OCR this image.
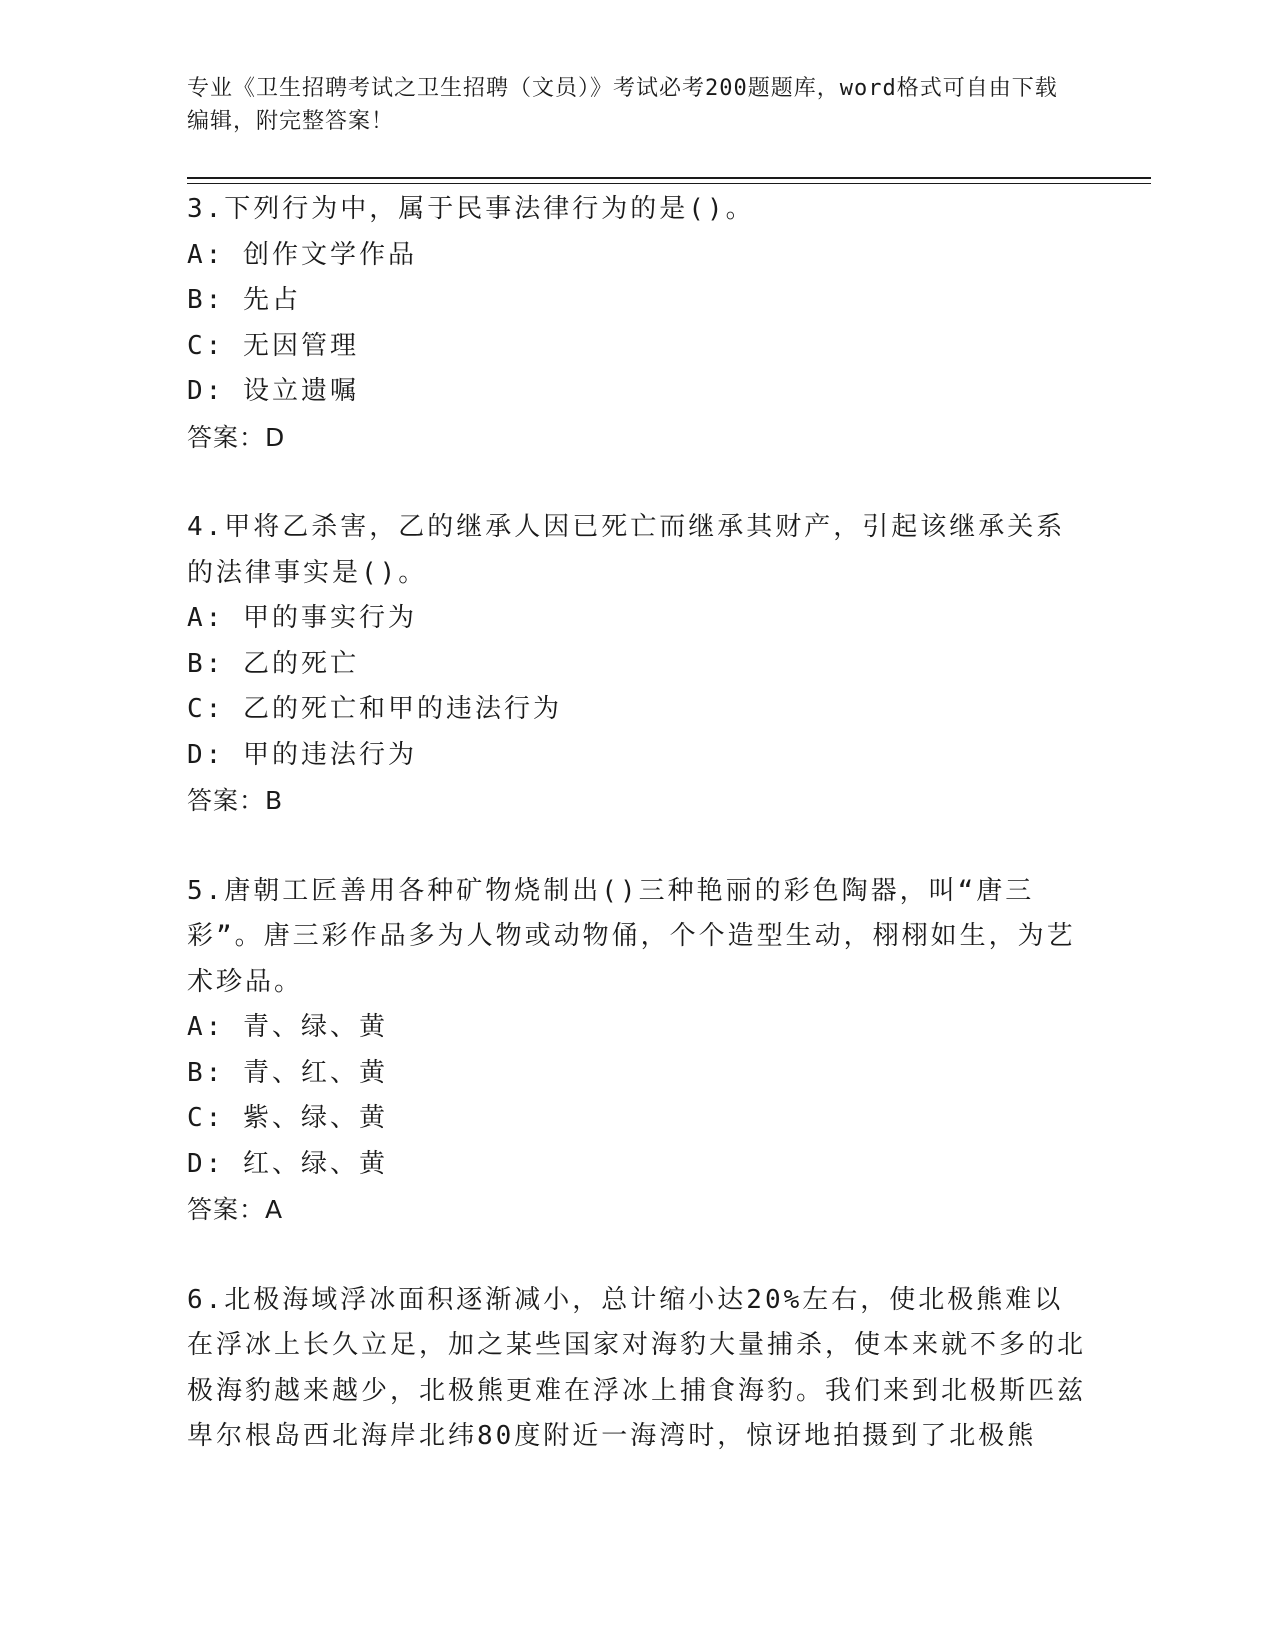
专业《卫生招聘考试之卫生招聘（文员）》考试必考200题题库，word格式可自由下载编辑，附完整答案！

3.下列行为中，属于民事法律行为的是()。

A: 创作文学作品

B: 先占

C: 无因管理

D: 设立遗嘱

答案：D

4.甲将乙杀害，乙的继承人因已死亡而继承其财产，引起该继承关系的法律事实是()。

A: 甲的事实行为

B: 乙的死亡

C: 乙的死亡和甲的违法行为

D: 甲的违法行为

答案：B

5.唐朝工匠善用各种矿物烧制出()三种艳丽的彩色陶器，叫“唐三彩”。唐三彩作品多为人物或动物俑，个个造型生动，栩栩如生，为艺术珍品。

A: 青、绿、黄

B: 青、红、黄

C: 紫、绿、黄

D: 红、绿、黄

答案：A

6.北极海域浮冰面积逐渐减小，总计缩小达20%左右，使北极熊难以在浮冰上长久立足，加之某些国家对海豹大量捕杀，使本来就不多的北极海豹越来越少，北极熊更难在浮冰上捕食海豹。我们来到北极斯匹兹卑尔根岛西北海岸北纬80度附近一海湾时，惊讶地拍摄到了北极熊
